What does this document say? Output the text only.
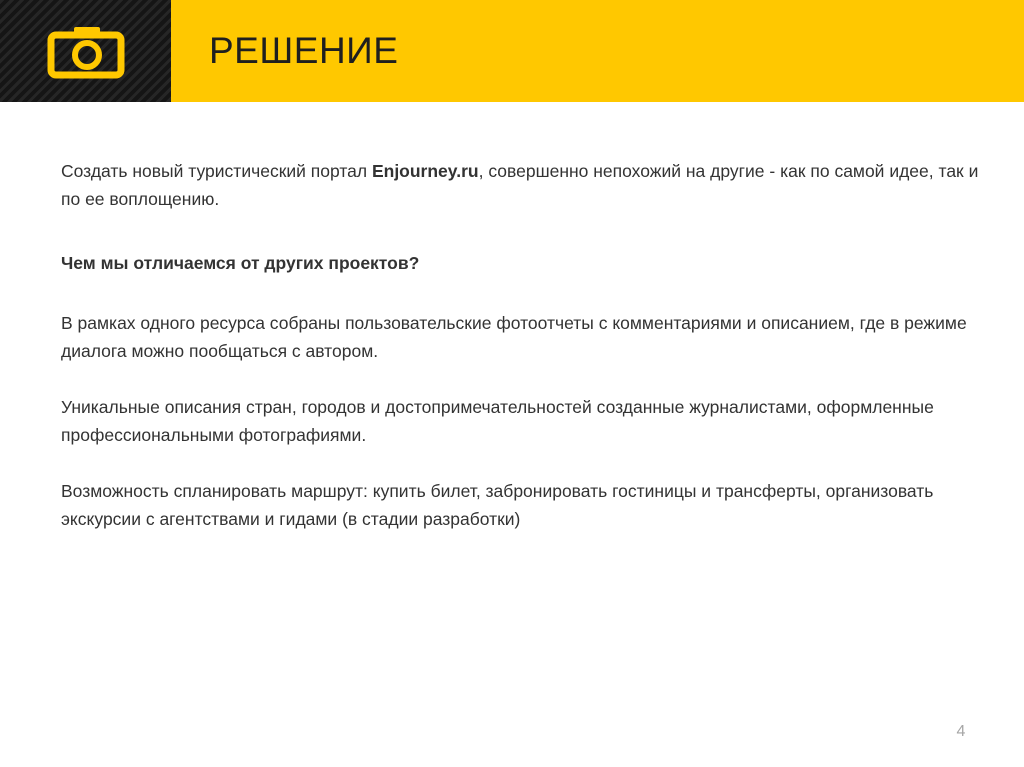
РЕШЕНИЕ

Создать новый туристический портал Enjourney.ru, совершенно непохожий на другие - как по самой идее, так и по ее воплощению.

Чем мы отличаемся от других проектов?

В рамках одного ресурса собраны пользовательские фотоотчеты с комментариями и описанием, где в режиме диалога можно пообщаться с автором.

Уникальные описания стран, городов и достопримечательностей созданные журналистами, оформленные профессиональными фотографиями.

Возможность спланировать маршрут: купить билет, забронировать гостиницы и трансферты, организовать экскурсии с агентствами и гидами (в стадии разработки)

4
